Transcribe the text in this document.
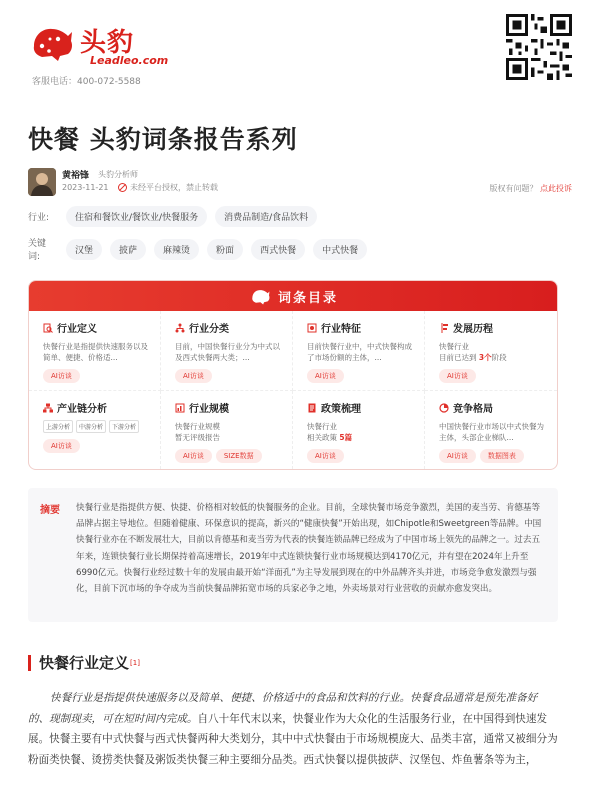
头豹
Leadleo.com
客服电话：400-072-5588
快餐 头豹词条报告系列
黄裕锋 头豹分析师
2023-11-21	未经平台授权，禁止转载	版权有问题？ 点此投诉
行业:	住宿和餐饮业/餐饮业/快餐服务	消费品制造/食品饮料
关键词:
汉堡	披萨	麻辣烫	粉面	西式快餐	中式快餐
词条目录
行业定义
快餐行业是指提供快速服务以及简单、便捷、价格适...
AI访谈
行业分类
目前，中国快餐行业分为中式以及西式快餐两大类；...
AI访谈
行业特征
目前快餐行业中，中式快餐构成了市场份额的主体，...
AI访谈
发展历程
快餐行业
目前已达到 3个阶段
AI访谈
产业链分析
上游分析	中游分析	下游分析
AI访谈
行业规模
快餐行业规模
暂无评级报告
AI访谈	SIZE数据
政策梳理
快餐行业
相关政策 5篇
AI访谈
竞争格局
中国快餐行业市场以中式快餐为主体，头部企业梯队...
AI访谈	数据图表
摘要 快餐行业是指提供方便、快捷、价格相对较低的快餐服务的企业。目前，全球快餐市场竞争激烈，美国的麦当劳、肯德基等品牌占据主导地位。但随着健康、环保意识的提高，新兴的“健康快餐”开始出现，如Chipotle和Sweetgreen等品牌。中国快餐行业亦在不断发展壮大，目前以肯德基和麦当劳为代表的快餐连锁品牌已经成为了中国市场上领先的品牌之一。过去五年来，连锁快餐行业长期保持着高速增长，2019年中式连锁快餐行业市场规模达到4170亿元，并有望在2024年上升至6990亿元。快餐行业经过数十年的发展由最开始“洋面孔”为主导发展到现在的中外品牌齐头并进，市场竞争愈发激烈与强化，目前下沉市场的争夺成为当前快餐品牌拓宽市场的兵家必争之地，外卖场景对行业营收的贡献亦愈发突出。
快餐行业定义 [1]

快餐行业是指提供快速服务以及简单、便捷、价格适中的食品和饮料的行业。快餐食品通常是预先准备好的、现制现卖，可在短时间内完成。自八十年代末以来，快餐业作为大众化的生活服务行业，在中国得到快速发展。快餐主要有中式快餐与西式快餐两种大类划分，其中中式快餐由于市场规模庞大、品类丰富，通常又被细分为粉面类快餐、烫捞类快餐及粥饭类快餐三种主要细分品类。西式快餐以提供披萨、汉堡包、炸鱼薯条等为主，
